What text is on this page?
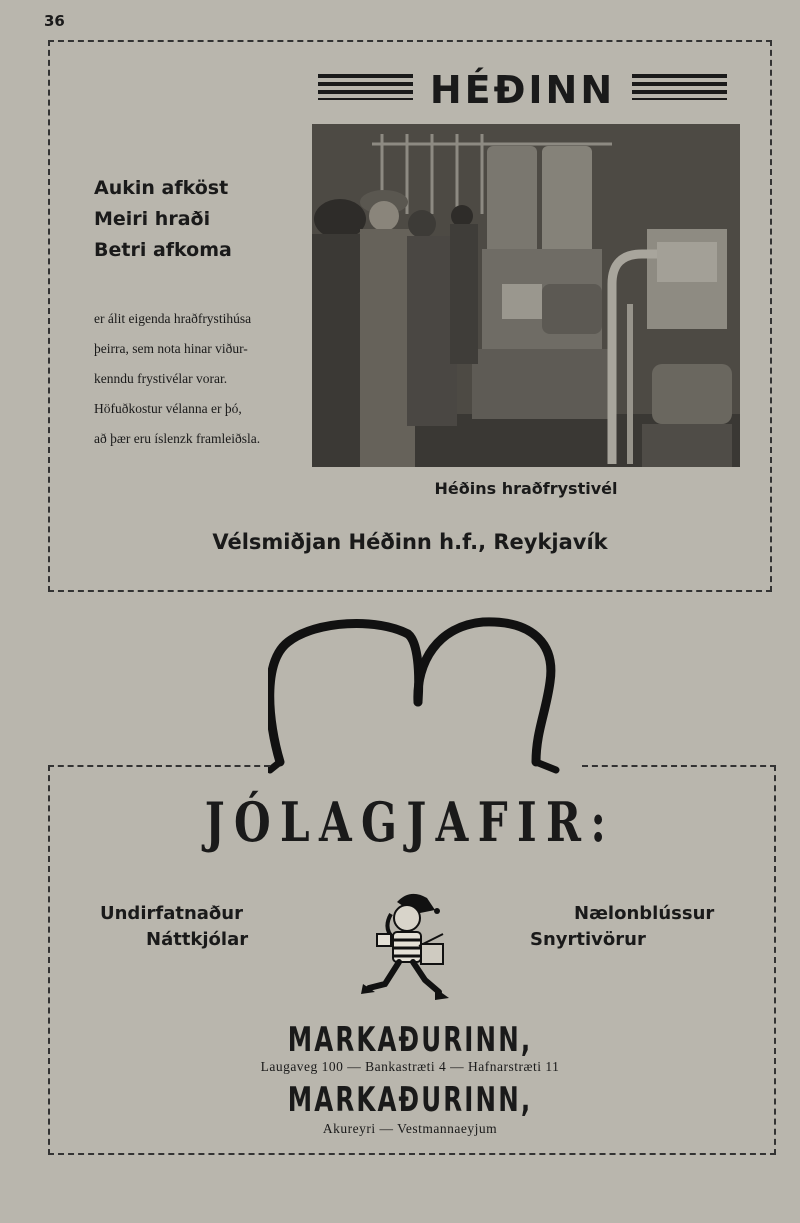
36
HÉÐINN
Aukin afköst
Meiri hraði
Betri afkoma
er álit eigenda hraðfrystihúsa
þeirra, sem nota hinar viður-
kenndu frystivélar vorar.
Höfuðkostur vélanna er þó,
að þær eru íslenzk framleiðsla.
Héðins hraðfrystivél
Vélsmiðjan Héðinn h.f., Reykjavík
JÓLAGJAFIR:
Undirfatnaður
Náttkjólar
Nælonblússur
Snyrtivörur
MARKAÐURINN,
Laugaveg 100 — Bankastræti 4 — Hafnarstræti 11
MARKAÐURINN,
Akureyri — Vestmannaeyjum
